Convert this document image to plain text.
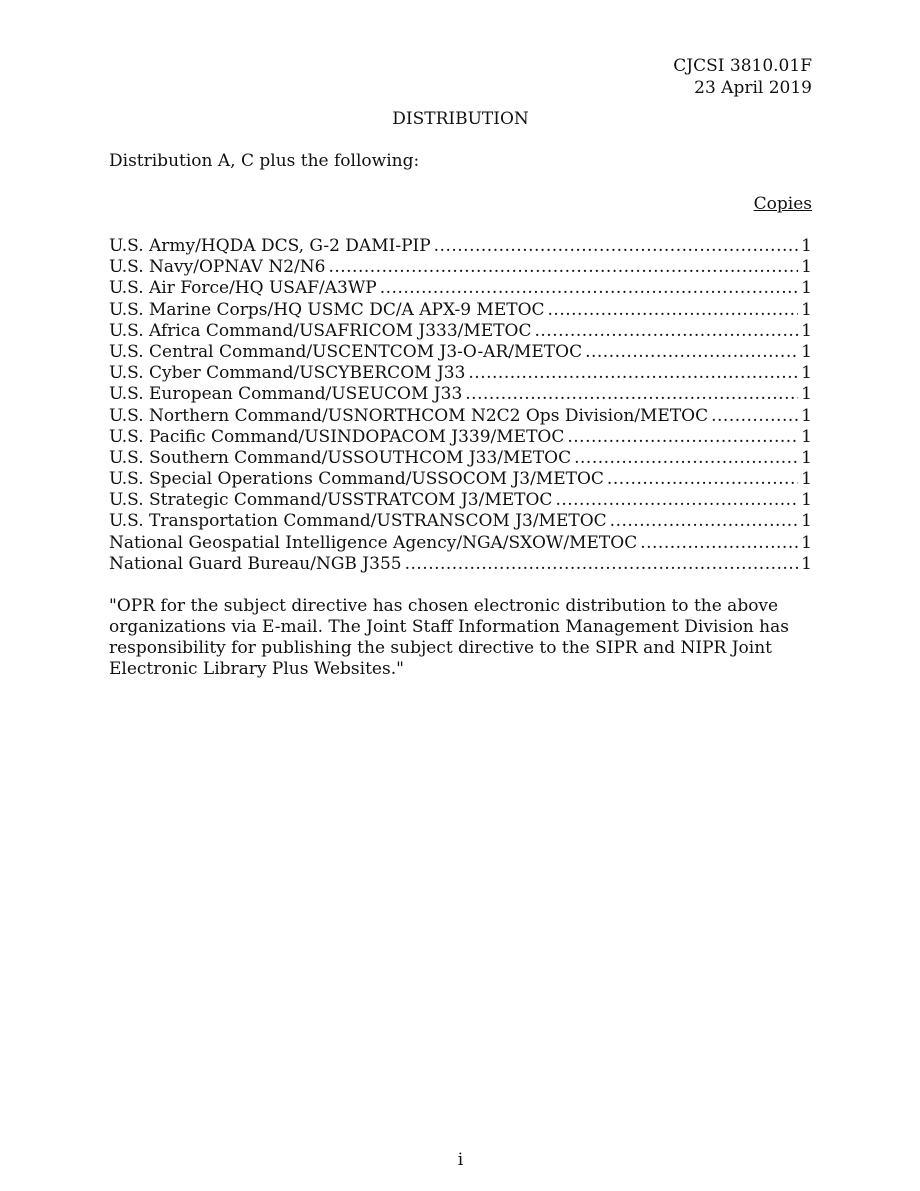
CJCSI 3810.01F
23 April 2019
DISTRIBUTION
Distribution A, C plus the following:
Copies
U.S. Army/HQDA DCS, G-2 DAMI-PIP .....	1
U.S. Navy/OPNAV N2/N6 .....	1
U.S. Air Force/HQ USAF/A3WP .....	1
U.S. Marine Corps/HQ USMC DC/A APX-9 METOC .....	1
U.S. Africa Command/USAFRICOM J333/METOC .....	1
U.S. Central Command/USCENTCOM J3-O-AR/METOC .....	1
U.S. Cyber Command/USCYBERCOM J33 .....	1
U.S. European Command/USEUCOM J33 .....	1
U.S. Northern Command/USNORTHCOM N2C2 Ops Division/METOC .....	1
U.S. Pacific Command/USINDOPACOM J339/METOC .....	1
U.S. Southern Command/USSOUTHCOM J33/METOC .....	1
U.S. Special Operations Command/USSOCOM J3/METOC .....	1
U.S. Strategic Command/USSTRATCOM J3/METOC .....	1
U.S. Transportation Command/USTRANSCOM J3/METOC .....	1
National Geospatial Intelligence Agency/NGA/SXOW/METOC .....	1
National Guard Bureau/NGB J355 .....	1

"OPR for the subject directive has chosen electronic distribution to the above organizations via E-mail. The Joint Staff Information Management Division has responsibility for publishing the subject directive to the SIPR and NIPR Joint Electronic Library Plus Websites."

i
